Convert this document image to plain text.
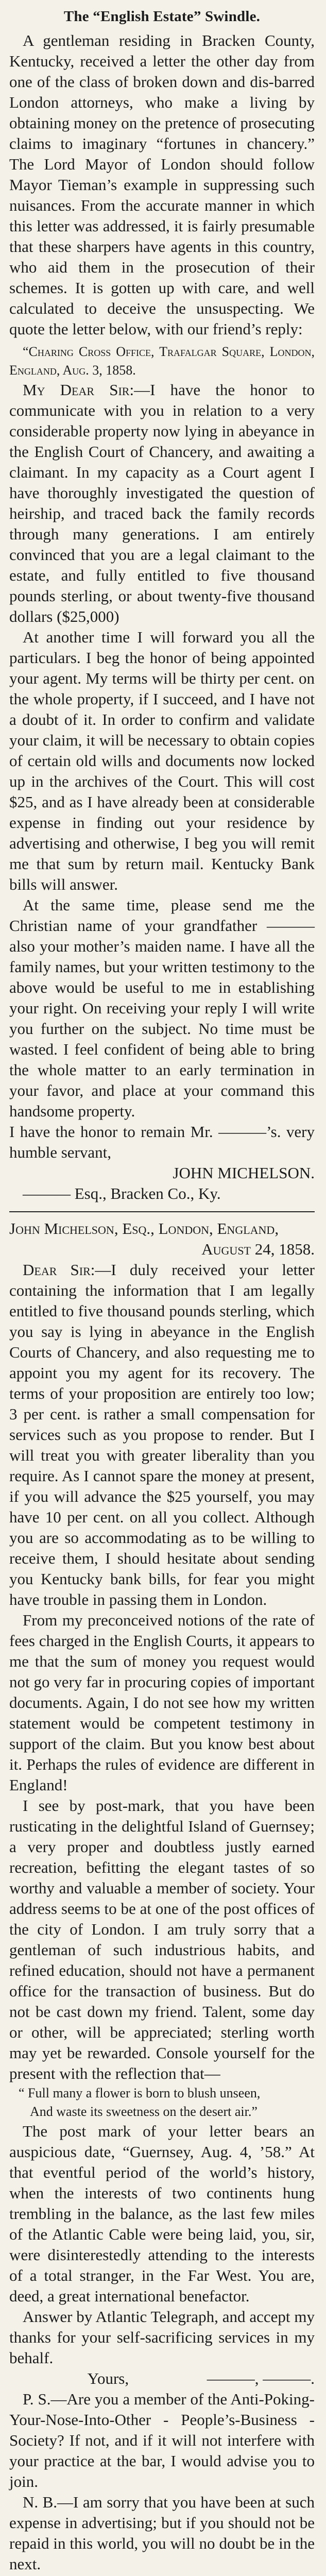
The “English Estate” Swindle.

A gentleman residing in Bracken County, Kentucky, received a letter the other day from one of the class of broken down and dis-barred London attorneys, who make a living by obtaining money on the pretence of prosecuting claims to imaginary “fortunes in chancery.” The Lord Mayor of London should follow Mayor Tieman’s example in suppressing such nuisances. From the accurate manner in which this letter was addressed, it is fairly presumable that these sharpers have agents in this country, who aid them in the prosecution of their schemes. It is gotten up with care, and well calculated to deceive the unsuspecting. We quote the letter below, with our friend’s reply:

“Charing Cross Office, Trafalgar Square, London, England, Aug. 3, 1858.

My Dear Sir:—I have the honor to communicate with you in relation to a very considerable property now lying in abeyance in the English Court of Chancery, and awaiting a claimant. In my capacity as a Court agent I have thoroughly investigated the question of heirship, and traced back the family records through many generations. I am entirely convinced that you are a legal claimant to the estate, and fully entitled to five thousand pounds sterling, or about twenty-five thousand dollars ($25,000)

At another time I will forward you all the particulars. I beg the honor of being appointed your agent. My terms will be thirty per cent. on the whole property, if I succeed, and I have not a doubt of it. In order to confirm and validate your claim, it will be necessary to obtain copies of certain old wills and documents now locked up in the archives of the Court. This will cost $25, and as I have already been at considerable expense in finding out your residence by advertising and otherwise, I beg you will remit me that sum by return mail. Kentucky Bank bills will answer.

At the same time, please send me the Christian name of your grandfather ——— also your mother’s maiden name. I have all the family names, but your written testimony to the above would be useful to me in establishing your right. On receiving your reply I will write you further on the subject. No time must be wasted. I feel confident of being able to bring the whole matter to an early termination in your favor, and place at your command this handsome property.

I have the honor to remain Mr. ———’s. very humble servant,

JOHN MICHELSON.

——— Esq., Bracken Co., Ky.

John Michelson, Esq., London, England,

August 24, 1858.

Dear Sir:—I duly received your letter containing the information that I am legally entitled to five thousand pounds sterling, which you say is lying in abeyance in the English Courts of Chancery, and also requesting me to appoint you my agent for its recovery. The terms of your proposition are entirely too low; 3 per cent. is rather a small compensation for services such as you propose to render. But I will treat you with greater liberality than you require. As I cannot spare the money at present, if you will advance the $25 yourself, you may have 10 per cent. on all you collect. Although you are so accommodating as to be willing to receive them, I should hesitate about sending you Kentucky bank bills, for fear you might have trouble in passing them in London.

From my preconceived notions of the rate of fees charged in the English Courts, it appears to me that the sum of money you request would not go very far in procuring copies of important documents. Again, I do not see how my written statement would be competent testimony in support of the claim. But you know best about it. Perhaps the rules of evidence are different in England!

I see by post-mark, that you have been rusticating in the delightful Island of Guernsey; a very proper and doubtless justly earned recreation, befitting the elegant tastes of so worthy and valuable a member of society. Your address seems to be at one of the post offices of the city of London. I am truly sorry that a gentleman of such industrious habits, and refined education, should not have a permanent office for the transaction of business. But do not be cast down my friend. Talent, some day or other, will be appreciated; sterling worth may yet be rewarded. Console yourself for the present with the reflection that—

“ Full many a flower is born to blush unseen,

And waste its sweetness on the desert air.”

The post mark of your letter bears an auspicious date, “Guernsey, Aug. 4, ’58.” At that eventful period of the world’s history, when the interests of two continents hung trembling in the balance, as the last few miles of the Atlantic Cable were being laid, you, sir, were disinterestedly attending to the interests of a total stranger, in the Far West. You are, deed, a great international benefactor.

Answer by Atlantic Telegraph, and accept my thanks for your self-sacrificing services in my behalf.

Yours,	———, ———.

P. S.—Are you a member of the Anti-Poking-Your-Nose-Into-Other - People’s-Business - Society? If not, and if it will not interfere with your practice at the bar, I would advise you to join.

N. B.—I am sorry that you have been at such expense in advertising; but if you should not be repaid in this world, you will no doubt be in the next.
